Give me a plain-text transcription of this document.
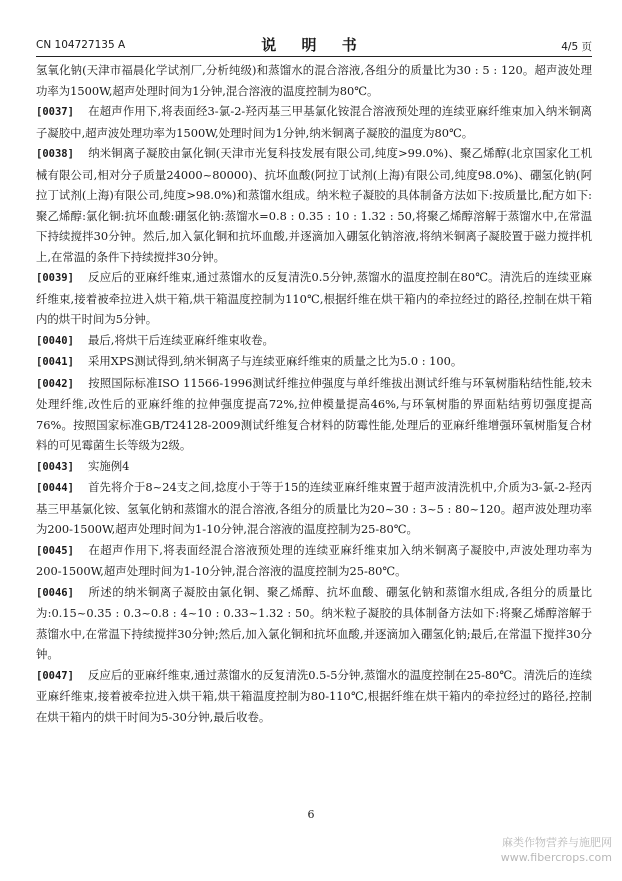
CN 104727135 A	说 明 书	4/5 页

氢氧化钠(天津市福晨化学试剂厂,分析纯级)和蒸馏水的混合溶液,各组分的质量比为30 : 5 : 120。超声波处理功率为1500W,超声处理时间为1分钟,混合溶液的温度控制为80℃。

[0037] 在超声作用下,将表面经3-氯-2-羟丙基三甲基氯化铵混合溶液预处理的连续亚麻纤维束加入纳米铜离子凝胶中,超声波处理功率为1500W,处理时间为1分钟,纳米铜离子凝胶的温度为80℃。

[0038] 纳米铜离子凝胶由氯化铜(天津市光复科技发展有限公司,纯度>99.0%)、聚乙烯醇(北京国家化工机械有限公司,相对分子质量24000~80000)、抗坏血酸(阿拉丁试剂(上海)有限公司,纯度98.0%)、硼氢化钠(阿拉丁试剂(上海)有限公司,纯度>98.0%)和蒸馏水组成。纳米粒子凝胶的具体制备方法如下:按质量比,配方如下:聚乙烯醇:氯化铜:抗坏血酸:硼氢化钠:蒸馏水=0.8 : 0.35 : 10 : 1.32 : 50,将聚乙烯醇溶解于蒸馏水中,在常温下持续搅拌30分钟。然后,加入氯化铜和抗坏血酸,并逐滴加入硼氢化钠溶液,将纳米铜离子凝胶置于磁力搅拌机上,在常温的条件下持续搅拌30分钟。

[0039] 反应后的亚麻纤维束,通过蒸馏水的反复清洗0.5分钟,蒸馏水的温度控制在80℃。清洗后的连续亚麻纤维束,接着被牵拉进入烘干箱,烘干箱温度控制为110℃,根据纤维在烘干箱内的牵拉经过的路径,控制在烘干箱内的烘干时间为5分钟。

[0040] 最后,将烘干后连续亚麻纤维束收卷。

[0041] 采用XPS测试得到,纳米铜离子与连续亚麻纤维束的质量之比为5.0 : 100。

[0042] 按照国际标准ISO 11566-1996测试纤维拉伸强度与单纤维拔出测试纤维与环氧树脂粘结性能,较未处理纤维,改性后的亚麻纤维的拉伸强度提高72%,拉伸模量提高46%,与环氧树脂的界面粘结剪切强度提高76%。按照国家标准GB/T24128-2009测试纤维复合材料的防霉性能,处理后的亚麻纤维增强环氧树脂复合材料的可见霉菌生长等级为2级。

[0043] 实施例4

[0044] 首先将介于8~24支之间,捻度小于等于15的连续亚麻纤维束置于超声波清洗机中,介质为3-氯-2-羟丙基三甲基氯化铵、氢氧化钠和蒸馏水的混合溶液,各组分的质量比为20~30 : 3~5 : 80~120。超声波处理功率为200-1500W,超声处理时间为1-10分钟,混合溶液的温度控制为25-80℃。

[0045] 在超声作用下,将表面经混合溶液预处理的连续亚麻纤维束加入纳米铜离子凝胶中,声波处理功率为200-1500W,超声处理时间为1-10分钟,混合溶液的温度控制为25-80℃。

[0046] 所述的纳米铜离子凝胶由氯化铜、聚乙烯醇、抗坏血酸、硼氢化钠和蒸馏水组成,各组分的质量比为:0.15~0.35 : 0.3~0.8 : 4~10 : 0.33~1.32 : 50。纳米粒子凝胶的具体制备方法如下:将聚乙烯醇溶解于蒸馏水中,在常温下持续搅拌30分钟;然后,加入氯化铜和抗坏血酸,并逐滴加入硼氢化钠;最后,在常温下搅拌30分钟。

[0047] 反应后的亚麻纤维束,通过蒸馏水的反复清洗0.5-5分钟,蒸馏水的温度控制在25-80℃。清洗后的连续亚麻纤维束,接着被牵拉进入烘干箱,烘干箱温度控制为80-110℃,根据纤维在烘干箱内的牵拉经过的路径,控制在烘干箱内的烘干时间为5-30分钟,最后收卷。

6
麻类作物营养与施肥网
www.fibercrops.com
